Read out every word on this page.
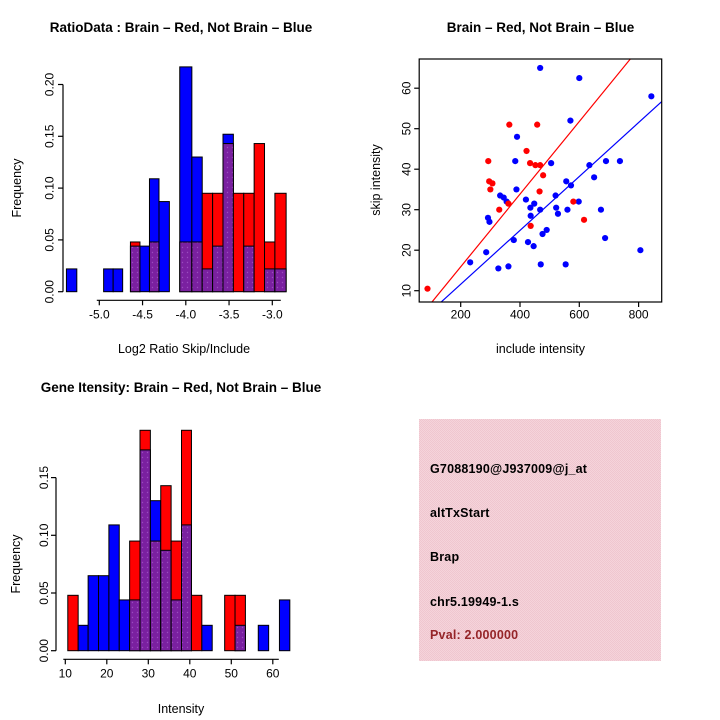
RatioData : Brain – Red, Not Brain – Blue
Log2 Ratio Skip/Include
Frequency
-5.0 -4.5 -4.0 -3.5 -3.0
0.00
0.05
0.10
0.15
0.20
Brain – Red, Not Brain – Blue
include intensity
skip intensity
200	400	600	800
10
20
30
40
50
60
Gene Itensity: Brain – Red, Not Brain – Blue
Intensity
Frequency
10 20 30 40 50 60
0.00
0.05
0.10
0.15	G7088190@J937009@j_at
altTxStart
Brap
chr5.19949-1.s
Pval: 2.000000
